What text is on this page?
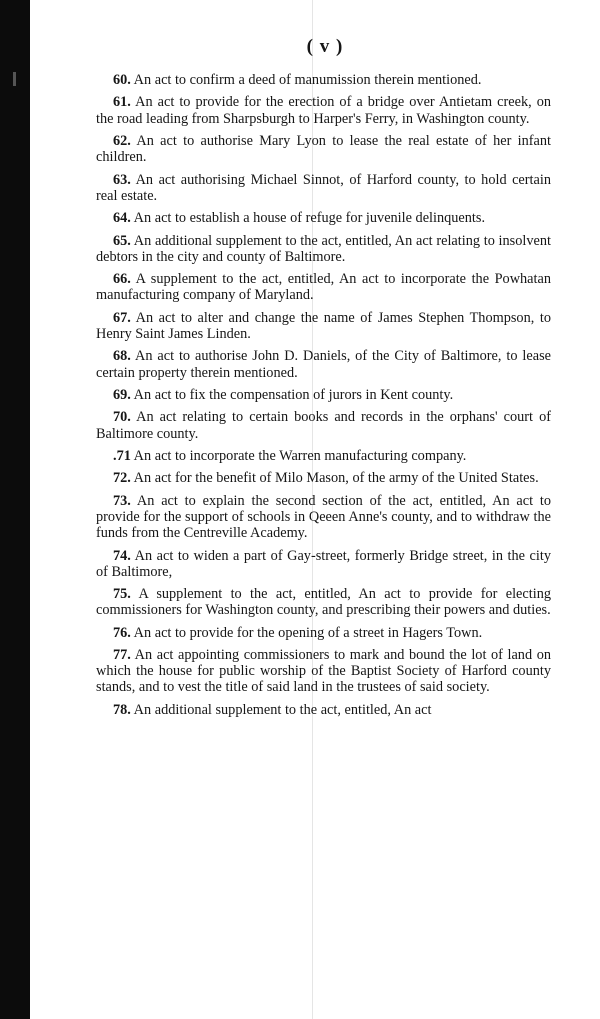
( v )

60. An act to confirm a deed of manumission therein mentioned.

61. An act to provide for the erection of a bridge over Antietam creek, on the road leading from Sharpsburgh to Harper's Ferry, in Washington county.

62. An act to authorise Mary Lyon to lease the real estate of her infant children.

63. An act authorising Michael Sinnot, of Harford county, to hold certain real estate.

64. An act to establish a house of refuge for juvenile delinquents.

65. An additional supplement to the act, entitled, An act relating to insolvent debtors in the city and county of Baltimore.

66. A supplement to the act, entitled, An act to incorporate the Powhatan manufacturing company of Maryland.

67. An act to alter and change the name of James Stephen Thompson, to Henry Saint James Linden.

68. An act to authorise John D. Daniels, of the City of Baltimore, to lease certain property therein mentioned.

69. An act to fix the compensation of jurors in Kent county.

70. An act relating to certain books and records in the orphans' court of Baltimore county.

.71 An act to incorporate the Warren manufacturing company.

72. An act for the benefit of Milo Mason, of the army of the United States.

73. An act to explain the second section of the act, entitled, An act to provide for the support of schools in Qeeen Anne's county, and to withdraw the funds from the Centreville Academy.

74. An act to widen a part of Gay-street, formerly Bridge street, in the city of Baltimore,

75. A supplement to the act, entitled, An act to provide for electing commissioners for Washington county, and prescribing their powers and duties.

76. An act to provide for the opening of a street in Hagers Town.

77. An act appointing commissioners to mark and bound the lot of land on which the house for public worship of the Baptist Society of Harford county stands, and to vest the title of said land in the trustees of said society.

78. An additional supplement to the act, entitled, An act
